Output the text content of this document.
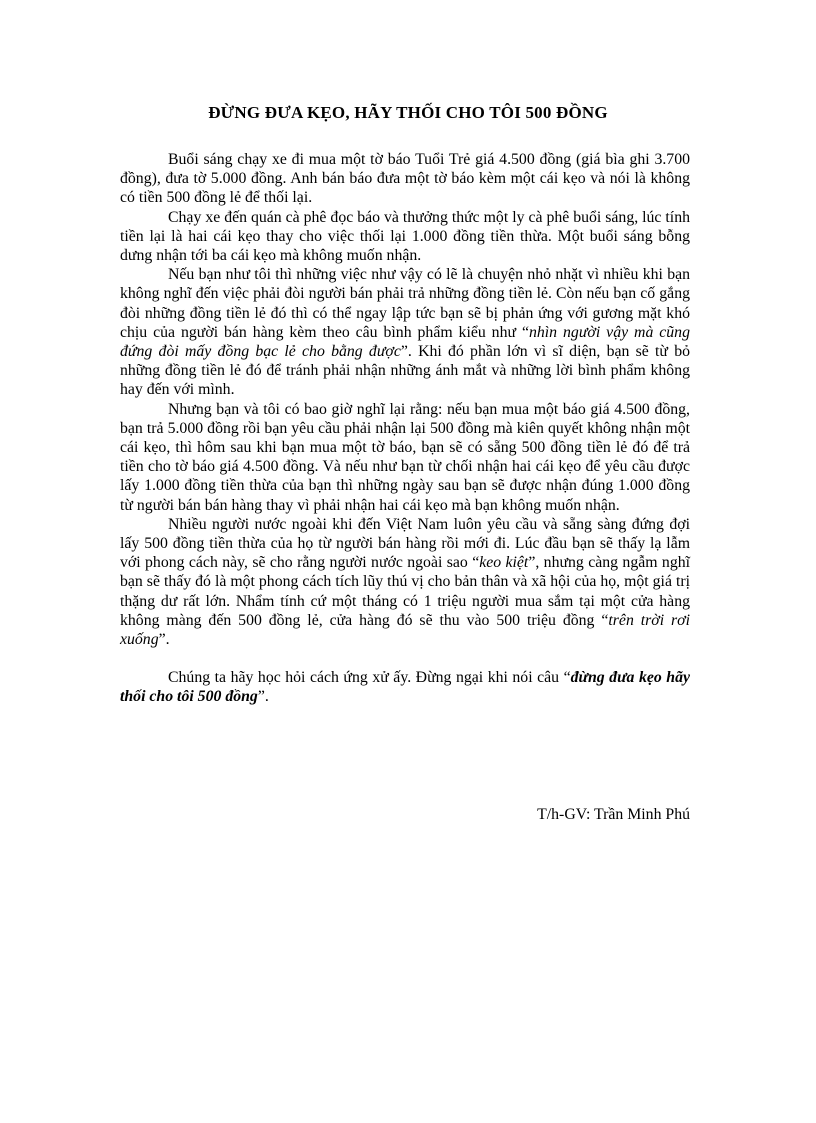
ĐỪNG ĐƯA KẸO, HÃY THỐI CHO TÔI 500 ĐỒNG

Buổi sáng chạy xe đi mua một tờ báo Tuổi Trẻ giá 4.500 đồng (giá bìa ghi 3.700 đồng), đưa tờ 5.000 đồng. Anh bán báo đưa một tờ báo kèm một cái kẹo và nói là không có tiền 500 đồng lẻ để thối lại.

Chạy xe đến quán cà phê đọc báo và thưởng thức một ly cà phê buổi sáng, lúc tính tiền lại là hai cái kẹo thay cho việc thối lại 1.000 đồng tiền thừa. Một buổi sáng bỗng dưng nhận tới ba cái kẹo mà không muốn nhận.

Nếu bạn như tôi thì những việc như vậy có lẽ là chuyện nhỏ nhặt vì nhiều khi bạn không nghĩ đến việc phải đòi người bán phải trả những đồng tiền lẻ. Còn nếu bạn cố gắng đòi những đồng tiền lẻ đó thì có thể ngay lập tức bạn sẽ bị phản ứng với gương mặt khó chịu của người bán hàng kèm theo câu bình phẩm kiểu như “nhìn người vậy mà cũng đứng đòi mấy đồng bạc lẻ cho bằng được”. Khi đó phần lớn vì sĩ diện, bạn sẽ từ bỏ những đồng tiền lẻ đó để tránh phải nhận những ánh mắt và những lời bình phẩm không hay đến với mình.

Nhưng bạn và tôi có bao giờ nghĩ lại rằng: nếu bạn mua một báo giá 4.500 đồng, bạn trả 5.000 đồng rồi bạn yêu cầu phải nhận lại 500 đồng mà kiên quyết không nhận một cái kẹo, thì hôm sau khi bạn mua một tờ báo, bạn sẽ có sẵng 500 đồng tiền lẻ đó để trả tiền cho tờ báo giá 4.500 đồng. Và nếu như bạn từ chối nhận hai cái kẹo để yêu cầu được lấy 1.000 đồng tiền thừa của bạn thì những ngày sau bạn sẽ được nhận đúng 1.000 đồng từ người bán bán hàng thay vì phải nhận hai cái kẹo mà bạn không muốn nhận.

Nhiều người nước ngoài khi đến Việt Nam luôn yêu cầu và sẵng sàng đứng đợi lấy 500 đồng tiền thừa của họ từ người bán hàng rồi mới đi. Lúc đầu bạn sẽ thấy lạ lẫm với phong cách này, sẽ cho rằng người nước ngoài sao “keo kiệt”, nhưng càng ngẫm nghĩ bạn sẽ thấy đó là một phong cách tích lũy thú vị cho bản thân và xã hội của họ, một giá trị thặng dư rất lớn. Nhẩm tính cứ một tháng có 1 triệu người mua sắm tại một cửa hàng không màng đến 500 đồng lẻ, cửa hàng đó sẽ thu vào 500 triệu đồng “trên trời rơi xuống”.

Chúng ta hãy học hỏi cách ứng xử ấy. Đừng ngại khi nói câu “đừng đưa kẹo hãy thối cho tôi 500 đồng”.

T/h-GV: Trần Minh Phú
